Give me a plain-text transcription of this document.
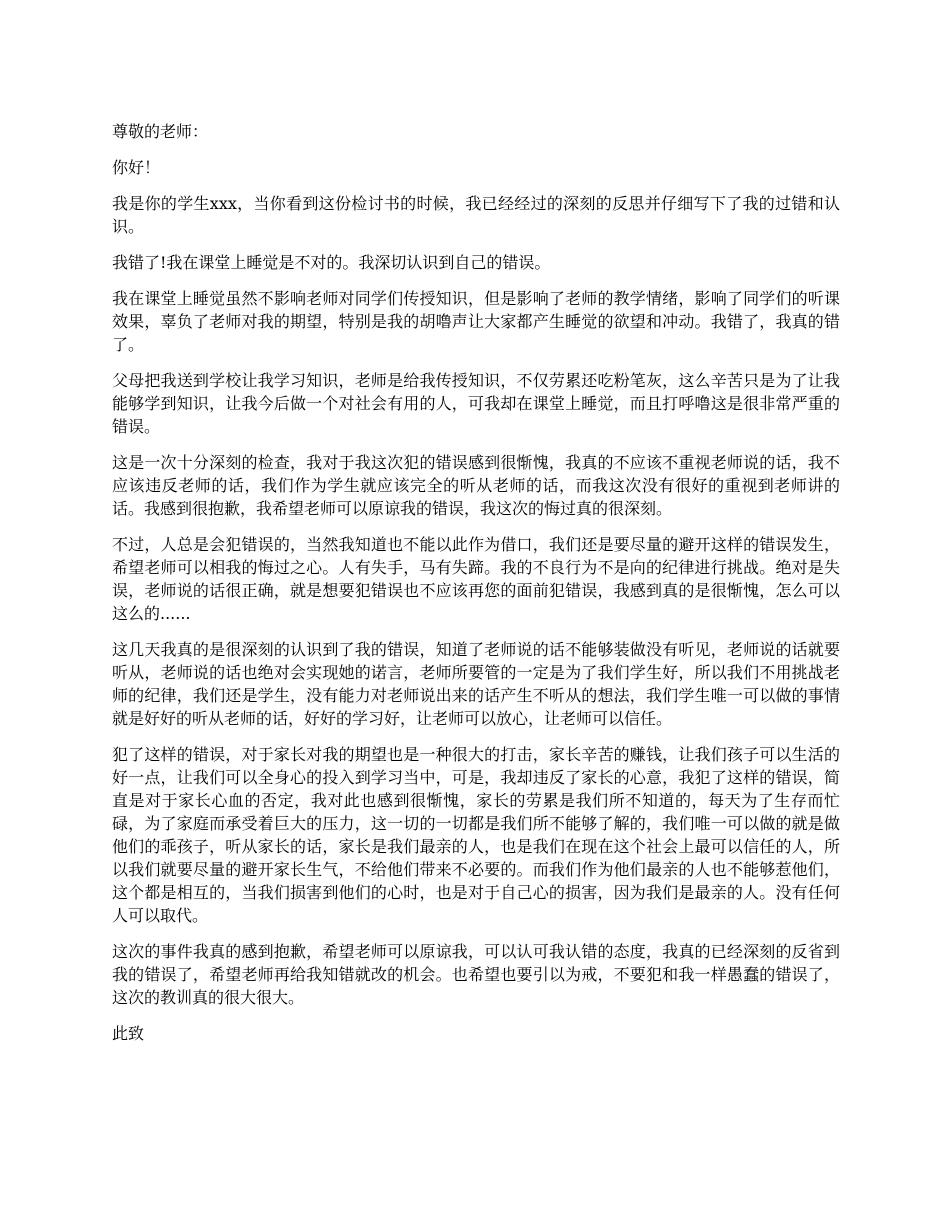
尊敬的老师：

你好！

我是你的学生xxx，当你看到这份检讨书的时候，我已经经过的深刻的反思并仔细写下了我的过错和认识。

我错了!我在课堂上睡觉是不对的。我深切认识到自己的错误。

我在课堂上睡觉虽然不影响老师对同学们传授知识，但是影响了老师的教学情绪，影响了同学们的听课效果，辜负了老师对我的期望，特别是我的胡噜声让大家都产生睡觉的欲望和冲动。我错了，我真的错了。

父母把我送到学校让我学习知识，老师是给我传授知识，不仅劳累还吃粉笔灰，这么辛苦只是为了让我能够学到知识，让我今后做一个对社会有用的人，可我却在课堂上睡觉，而且打呼噜这是很非常严重的错误。

这是一次十分深刻的检查，我对于我这次犯的错误感到很惭愧，我真的不应该不重视老师说的话，我不应该违反老师的话，我们作为学生就应该完全的听从老师的话，而我这次没有很好的重视到老师讲的话。我感到很抱歉，我希望老师可以原谅我的错误，我这次的悔过真的很深刻。

不过，人总是会犯错误的，当然我知道也不能以此作为借口，我们还是要尽量的避开这样的错误发生，希望老师可以相我的悔过之心。人有失手，马有失蹄。我的不良行为不是向的纪律进行挑战。绝对是失误，老师说的话很正确，就是想要犯错误也不应该再您的面前犯错误，我感到真的是很惭愧，怎么可以这么的......

这几天我真的是很深刻的认识到了我的错误，知道了老师说的话不能够装做没有听见，老师说的话就要听从，老师说的话也绝对会实现她的诺言，老师所要管的一定是为了我们学生好，所以我们不用挑战老师的纪律，我们还是学生，没有能力对老师说出来的话产生不听从的想法，我们学生唯一可以做的事情就是好好的听从老师的话，好好的学习好，让老师可以放心，让老师可以信任。

犯了这样的错误，对于家长对我的期望也是一种很大的打击，家长辛苦的赚钱，让我们孩子可以生活的好一点，让我们可以全身心的投入到学习当中，可是，我却违反了家长的心意，我犯了这样的错误，简直是对于家长心血的否定，我对此也感到很惭愧，家长的劳累是我们所不知道的，每天为了生存而忙碌，为了家庭而承受着巨大的压力，这一切的一切都是我们所不能够了解的，我们唯一可以做的就是做他们的乖孩子，听从家长的话，家长是我们最亲的人，也是我们在现在这个社会上最可以信任的人，所以我们就要尽量的避开家长生气，不给他们带来不必要的。而我们作为他们最亲的人也不能够惹他们，这个都是相互的，当我们损害到他们的心时，也是对于自己心的损害，因为我们是最亲的人。没有任何人可以取代。

这次的事件我真的感到抱歉，希望老师可以原谅我，可以认可我认错的态度，我真的已经深刻的反省到我的错误了，希望老师再给我知错就改的机会。也希望也要引以为戒，不要犯和我一样愚蠢的错误了，这次的教训真的很大很大。

此致
